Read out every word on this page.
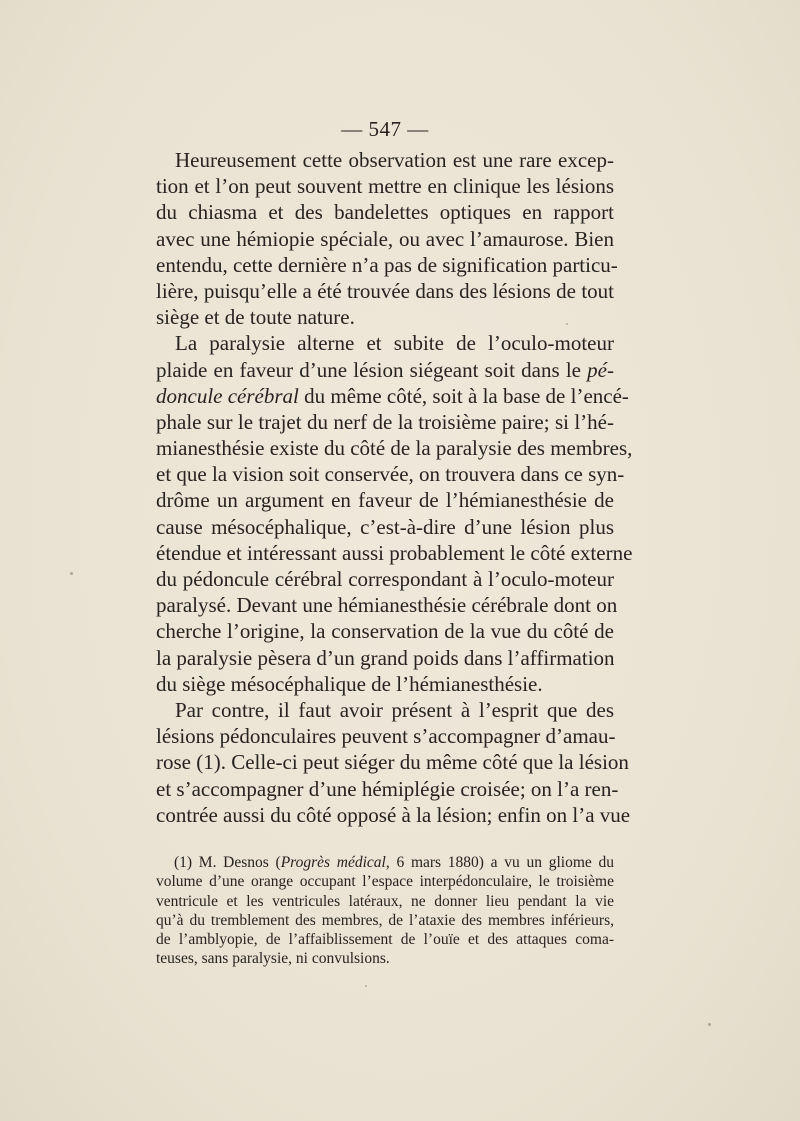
— 547 —
Heureusement cette observation est une rare excep-
tion et l’on peut souvent mettre en clinique les lésions
du chiasma et des bandelettes optiques en rapport
avec une hémiopie spéciale, ou avec l’amaurose. Bien
entendu, cette dernière n’a pas de signification particu-
lière, puisqu’elle a été trouvée dans des lésions de tout
siège et de toute nature.
La paralysie alterne et subite de l’oculo-moteur
plaide en faveur d’une lésion siégeant soit dans le pé-
doncule cérébral du même côté, soit à la base de l’encé-
phale sur le trajet du nerf de la troisième paire; si l’hé-
mianesthésie existe du côté de la paralysie des membres,
et que la vision soit conservée, on trouvera dans ce syn-
drôme un argument en faveur de l’hémianesthésie de
cause mésocéphalique, c’est-à-dire d’une lésion plus
étendue et intéressant aussi probablement le côté externe
du pédoncule cérébral correspondant à l’oculo-moteur
paralysé. Devant une hémianesthésie cérébrale dont on
cherche l’origine, la conservation de la vue du côté de
la paralysie pèsera d’un grand poids dans l’affirmation
du siège mésocéphalique de l’hémianesthésie.
Par contre, il faut avoir présent à l’esprit que des
lésions pédonculaires peuvent s’accompagner d’amau-
rose (1). Celle-ci peut siéger du même côté que la lésion
et s’accompagner d’une hémiplégie croisée; on l’a ren-
contrée aussi du côté opposé à la lésion; enfin on l’a vue
(1) M. Desnos (Progrès médical, 6 mars 1880) a vu un gliome du
volume d’une orange occupant l’espace interpédonculaire, le troisième
ventricule et les ventricules latéraux, ne donner lieu pendant la vie
qu’à du tremblement des membres, de l’ataxie des membres inférieurs,
de l’amblyopie, de l’affaiblissement de l’ouïe et des attaques coma-
teuses, sans paralysie, ni convulsions.
